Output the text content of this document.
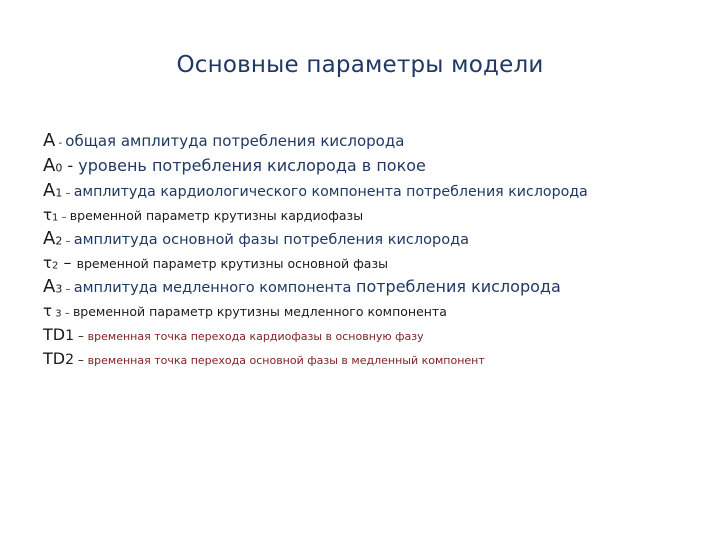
Основные параметры модели
A - общая амплитуда потребления кислорода
A0 - уровень потребления кислорода в покое
A1 – амплитуда кардиологического компонента потребления кислорода
τ1 – временной параметр крутизны кардиофазы
A2 – амплитуда основной фазы потребления кислорода
τ2 – временной параметр крутизны основной фазы
A3 – амплитуда медленного компонента потребления кислорода
τ 3 – временной параметр крутизны медленного компонента
TD1 – временная точка перехода кардиофазы в основную фазу
TD2 – временная точка перехода основной фазы в медленный компонент
